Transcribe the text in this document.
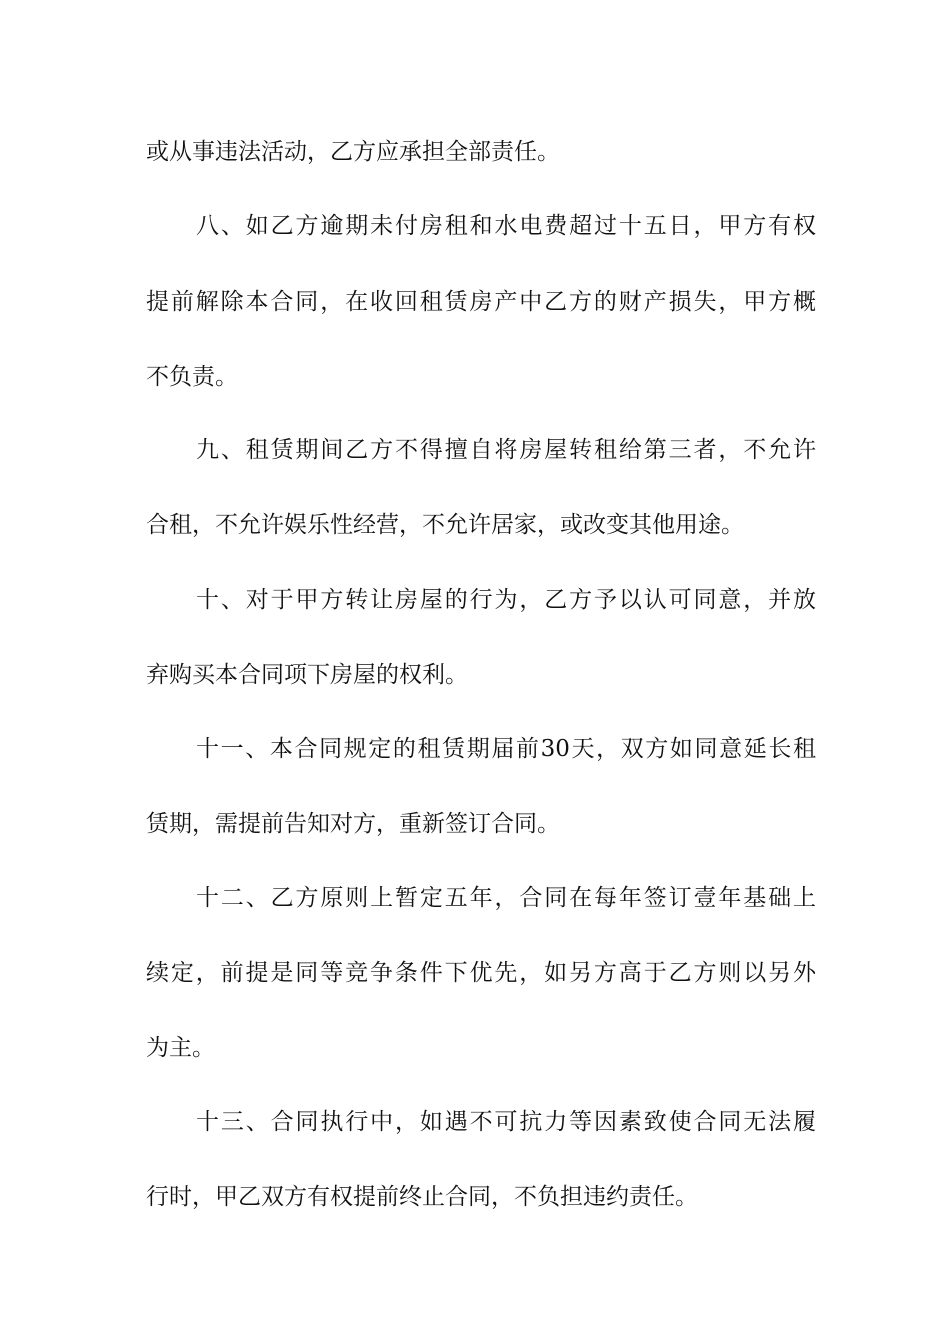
或从事违法活动，乙方应承担全部责任。
八、如乙方逾期未付房租和水电费超过十五日，甲方有权
提前解除本合同，在收回租赁房产中乙方的财产损失，甲方概
不负责。
九、租赁期间乙方不得擅自将房屋转租给第三者，不允许
合租，不允许娱乐性经营，不允许居家，或改变其他用途。
十、对于甲方转让房屋的行为，乙方予以认可同意，并放
弃购买本合同项下房屋的权利。
十一、本合同规定的租赁期届前30天，双方如同意延长租
赁期，需提前告知对方，重新签订合同。
十二、乙方原则上暂定五年，合同在每年签订壹年基础上
续定，前提是同等竞争条件下优先，如另方高于乙方则以另外
为主。
十三、合同执行中，如遇不可抗力等因素致使合同无法履
行时，甲乙双方有权提前终止合同，不负担违约责任。
